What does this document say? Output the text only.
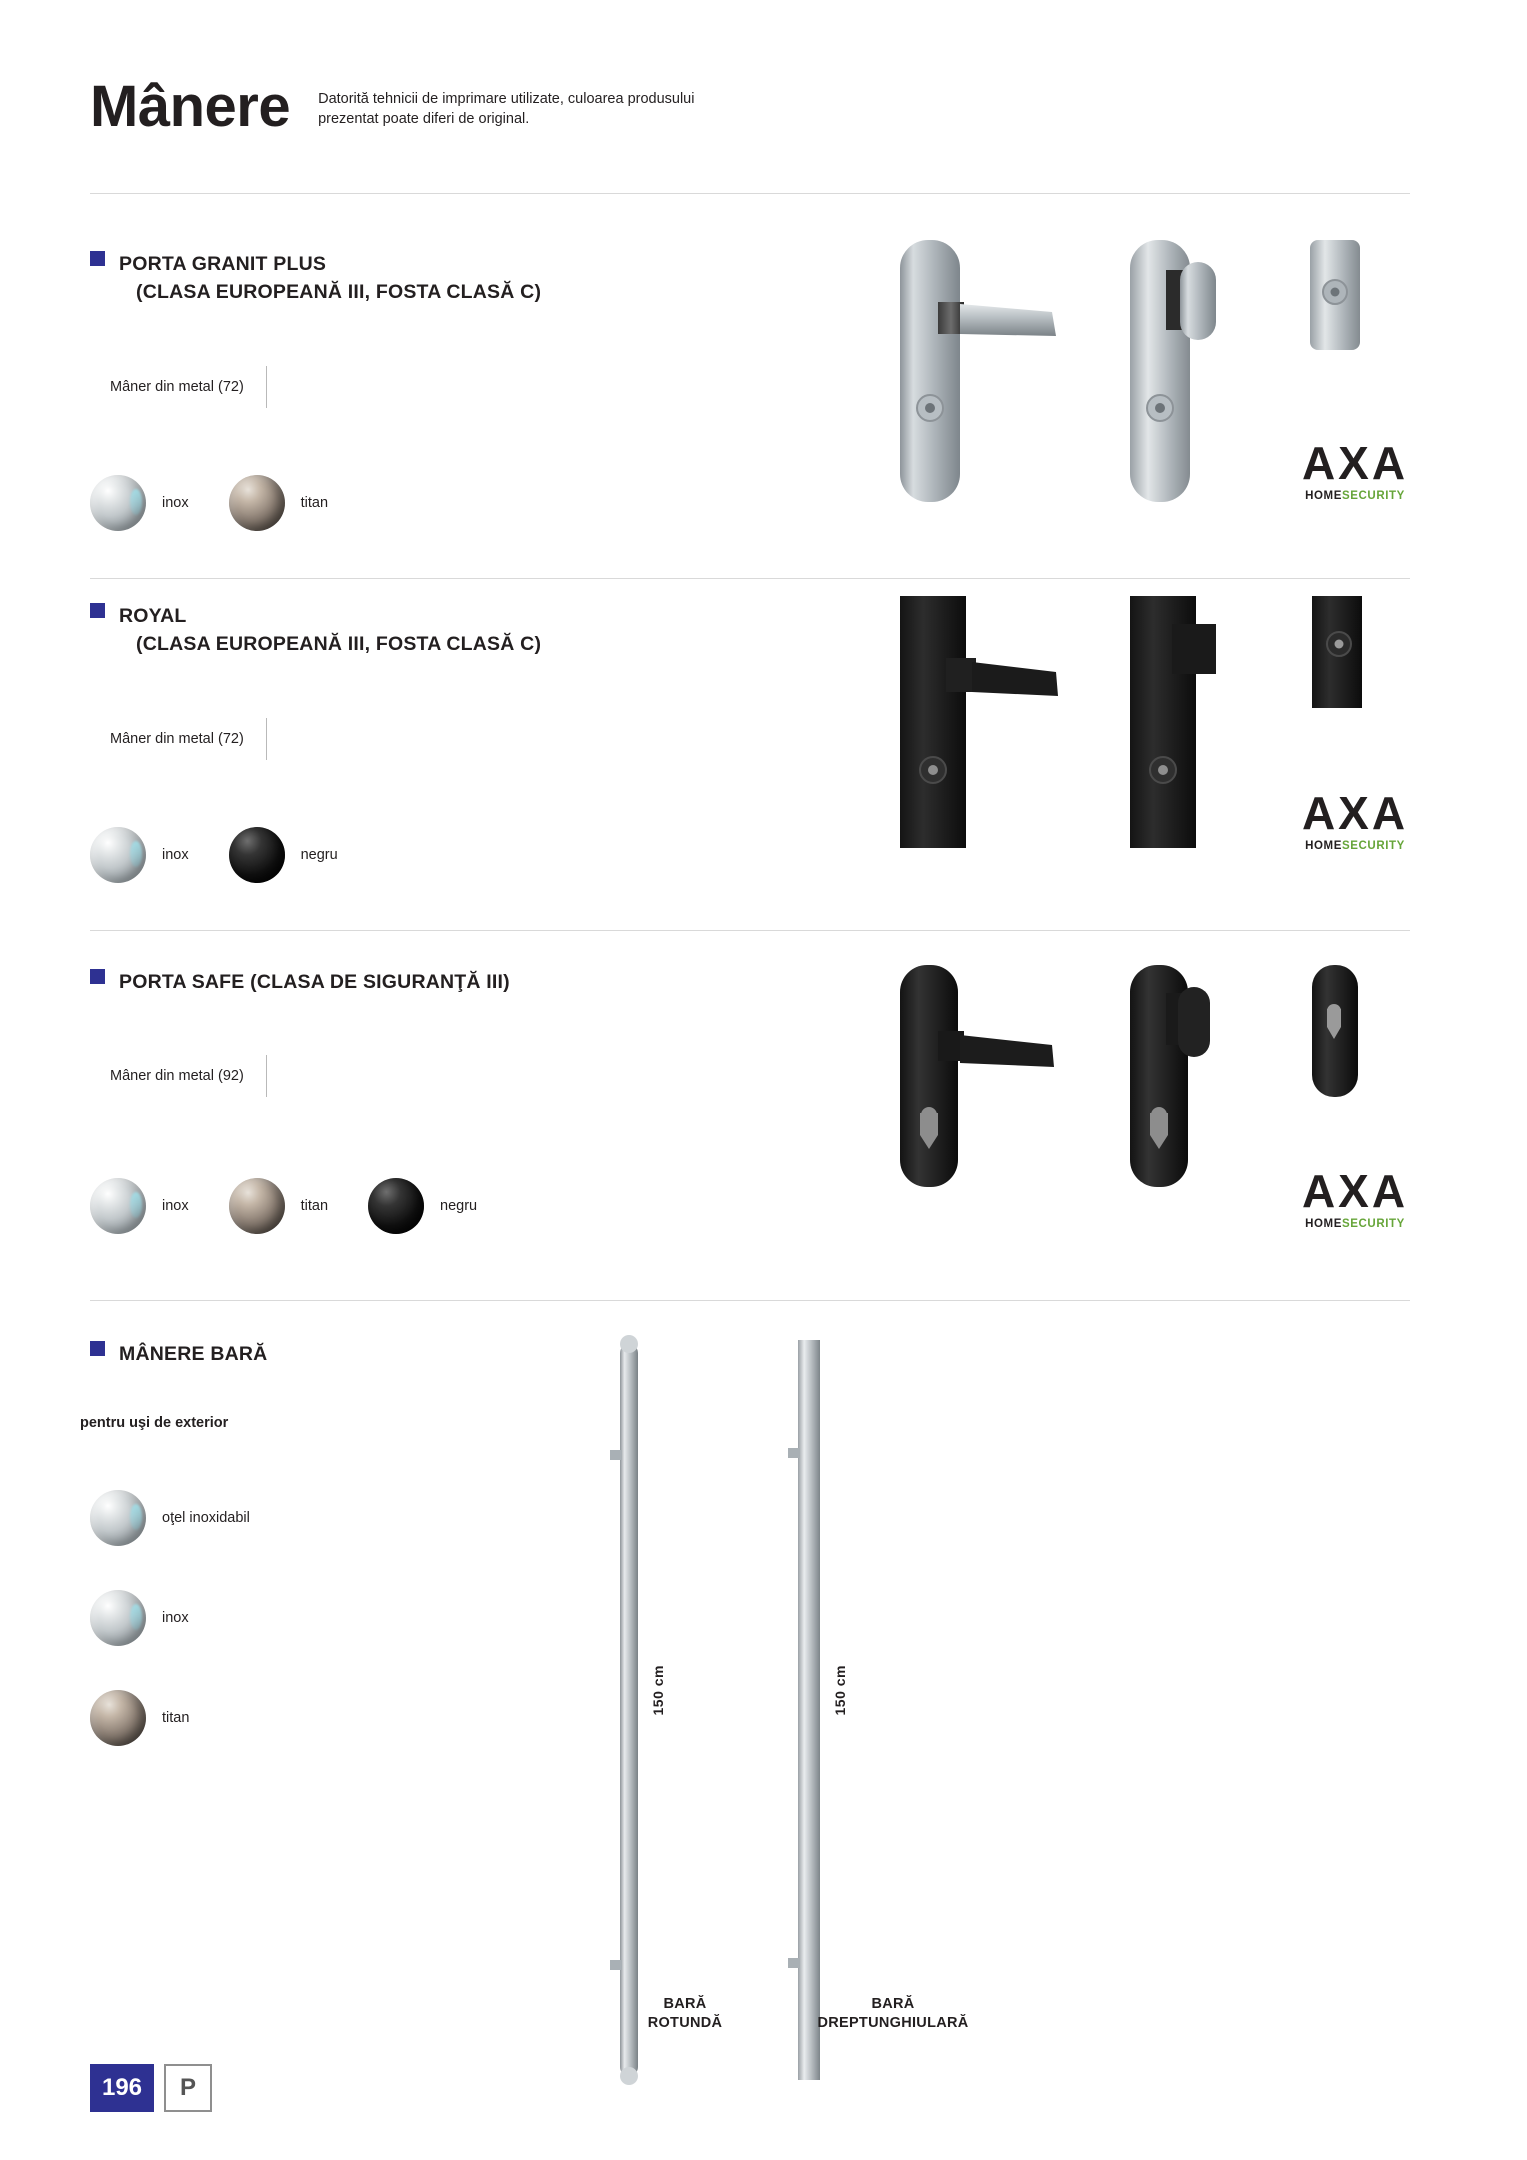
Mânere Datorită tehnicii de imprimare utilizate, culoarea produsului prezentat poate diferi de original.
PORTA GRANIT PLUS
(CLASA EUROPEANĂ III, FOSTA CLASĂ C)
Mâner din metal (72)
inox	titan
AXA
HOMESECURITY
ROYAL
(CLASA EUROPEANĂ III, FOSTA CLASĂ C)
Mâner din metal (72)
inox	negru
AXA
HOMESECURITY
PORTA SAFE (CLASA DE SIGURANŢĂ III)
Mâner din metal (92)
inox	titan	negru	AXA
HOMESECURITY
MÂNERE BARĂ
pentru uşi de exterior
oţel inoxidabil
inox
titan
150 cm
BARĂ
ROTUNDĂ
150 cm
BARĂ
DREPTUNGHIULARĂ
196	P
